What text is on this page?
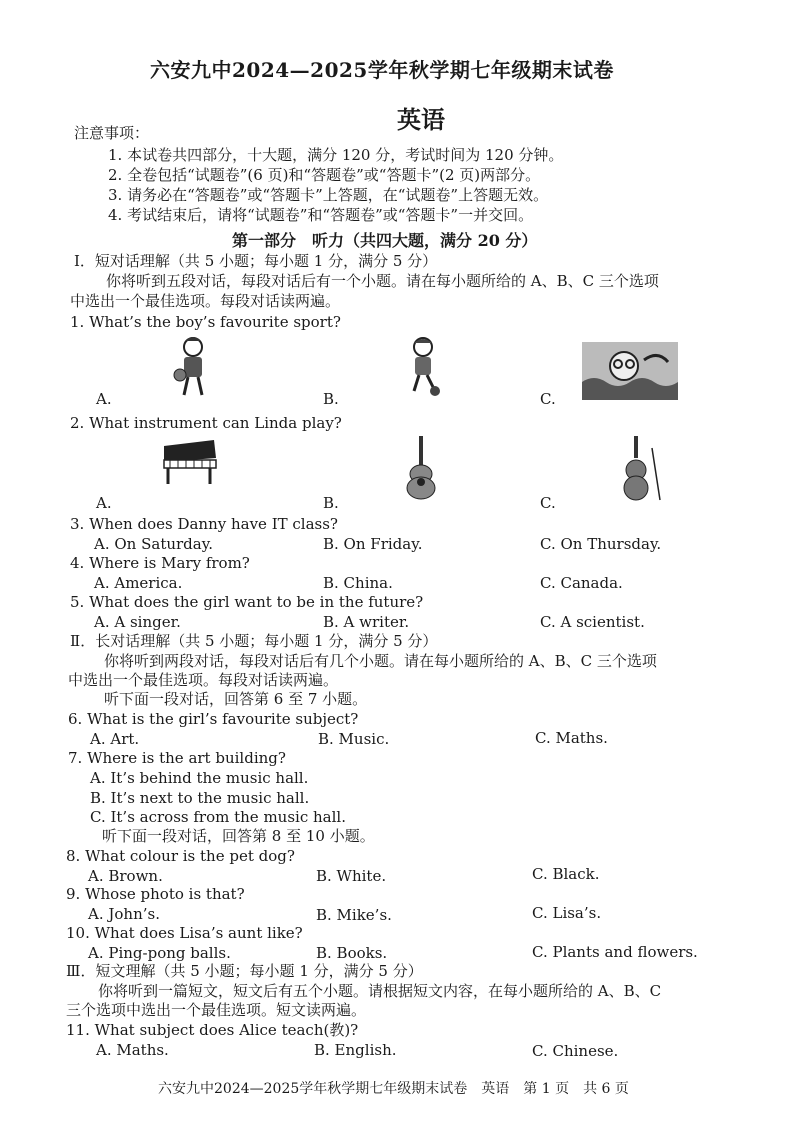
六安九中2024—2025学年秋学期七年级期末试卷
英语
注意事项：
1. 本试卷共四部分，十大题，满分 120 分，考试时间为 120 分钟。
2. 全卷包括“试题卷”(6 页)和“答题卷”或“答题卡”(2 页)两部分。
3. 请务必在“答题卷”或“答题卡”上答题，在“试题卷”上答题无效。
4. 考试结束后，请将“试题卷”和“答题卷”或“答题卡”一并交回。
第一部分　听力（共四大题，满分 20 分）
Ⅰ．短对话理解（共 5 小题；每小题 1 分，满分 5 分）
你将听到五段对话，每段对话后有一个小题。请在每小题所给的 A、B、C 三个选项
中选出一个最佳选项。每段对话读两遍。
1. What’s the boy’s favourite sport?
A.	B.	C.
2. What instrument can Linda play?
A.	B.	C.
3. When does Danny have IT class?
A. On Saturday.	B. On Friday.	C. On Thursday.
4. Where is Mary from?
A. America.	B. China.	C. Canada.
5. What does the girl want to be in the future?
A. A singer.	B. A writer.	C. A scientist.
Ⅱ．长对话理解（共 5 小题；每小题 1 分，满分 5 分）
你将听到两段对话，每段对话后有几个小题。请在每小题所给的 A、B、C 三个选项
中选出一个最佳选项。每段对话读两遍。
听下面一段对话，回答第 6 至 7 小题。
6. What is the girl’s favourite subject?
A. Art.	B. Music.	C. Maths.
7. Where is the art building?
A. It’s behind the music hall.
B. It’s next to the music hall.
C. It’s across from the music hall.
听下面一段对话，回答第 8 至 10 小题。
8. What colour is the pet dog?
A. Brown.	B. White.	C. Black.
9. Whose photo is that?
A. John’s.	B. Mike’s.	C. Lisa’s.
10. What does Lisa’s aunt like?
A. Ping-pong balls.	B. Books.	C. Plants and flowers.
Ⅲ．短文理解（共 5 小题；每小题 1 分，满分 5 分）
你将听到一篇短文，短文后有五个小题。请根据短文内容，在每小题所给的 A、B、C
三个选项中选出一个最佳选项。短文读两遍。
11. What subject does Alice teach(教)?
A. Maths.	B. English.	C. Chinese.
六安九中2024—2025学年秋学期七年级期末试卷　英语　第 1 页　共 6 页
